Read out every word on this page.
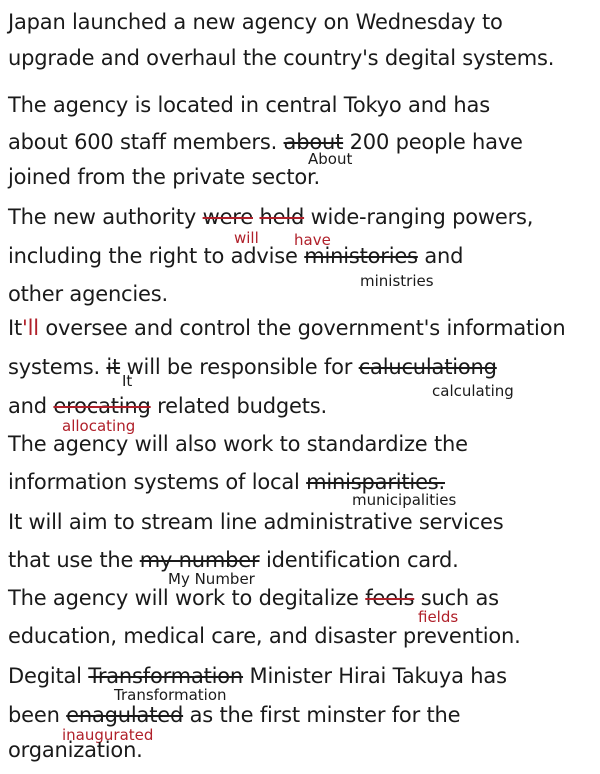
Japan launched a new agency on Wednesday to
upgrade and overhaul the country's degital systems.
The agency is located in central Tokyo and has
about 600 staff members. about 200 people have
About
joined from the private sector.
The new authority were held wide-ranging powers,
will have
including the right to advise ministories and
ministries
other agencies.
It'll oversee and control the government's information
systems. it will be responsible for caluculationg
It
calculating
and erocating related budgets.
allocating
The agency will also work to standardize the
information systems of local minisparities.
municipalities
It will aim to stream line administrative services
that use the my number identification card.
My Number
The agency will work to degitalize feels such as
fields
education, medical care, and disaster prevention.
Degital Transformation Minister Hirai Takuya has
Transformation
been enagulated as the first minster for the
inaugurated
organization.
